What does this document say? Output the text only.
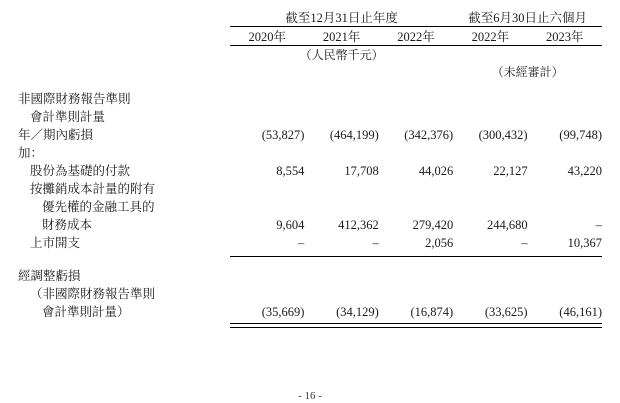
	截至12月31日止年度			截至6月30日止六個月	

	2020年	2021年	2022年	2022年	2023年

	（人民幣千元）				
				（未經審計）	

非國際財務報告準則					
會計準則計量					
年／期內虧損	(53,827)	(464,199)	(342,376)	(300,432)	(99,748)
加：					
股份為基礎的付款	8,554	17,708	44,026	22,127	43,220
按攤銷成本計量的附有					
優先權的金融工具的					
財務成本	9,604	412,362	279,420	244,680	–
上市開支	–	–	2,056	–	10,367

經調整虧損					
（非國際財務報告準則					
會計準則計量）	(35,669)	(34,129)	(16,874)	(33,625)	(46,161)

- 16 -
